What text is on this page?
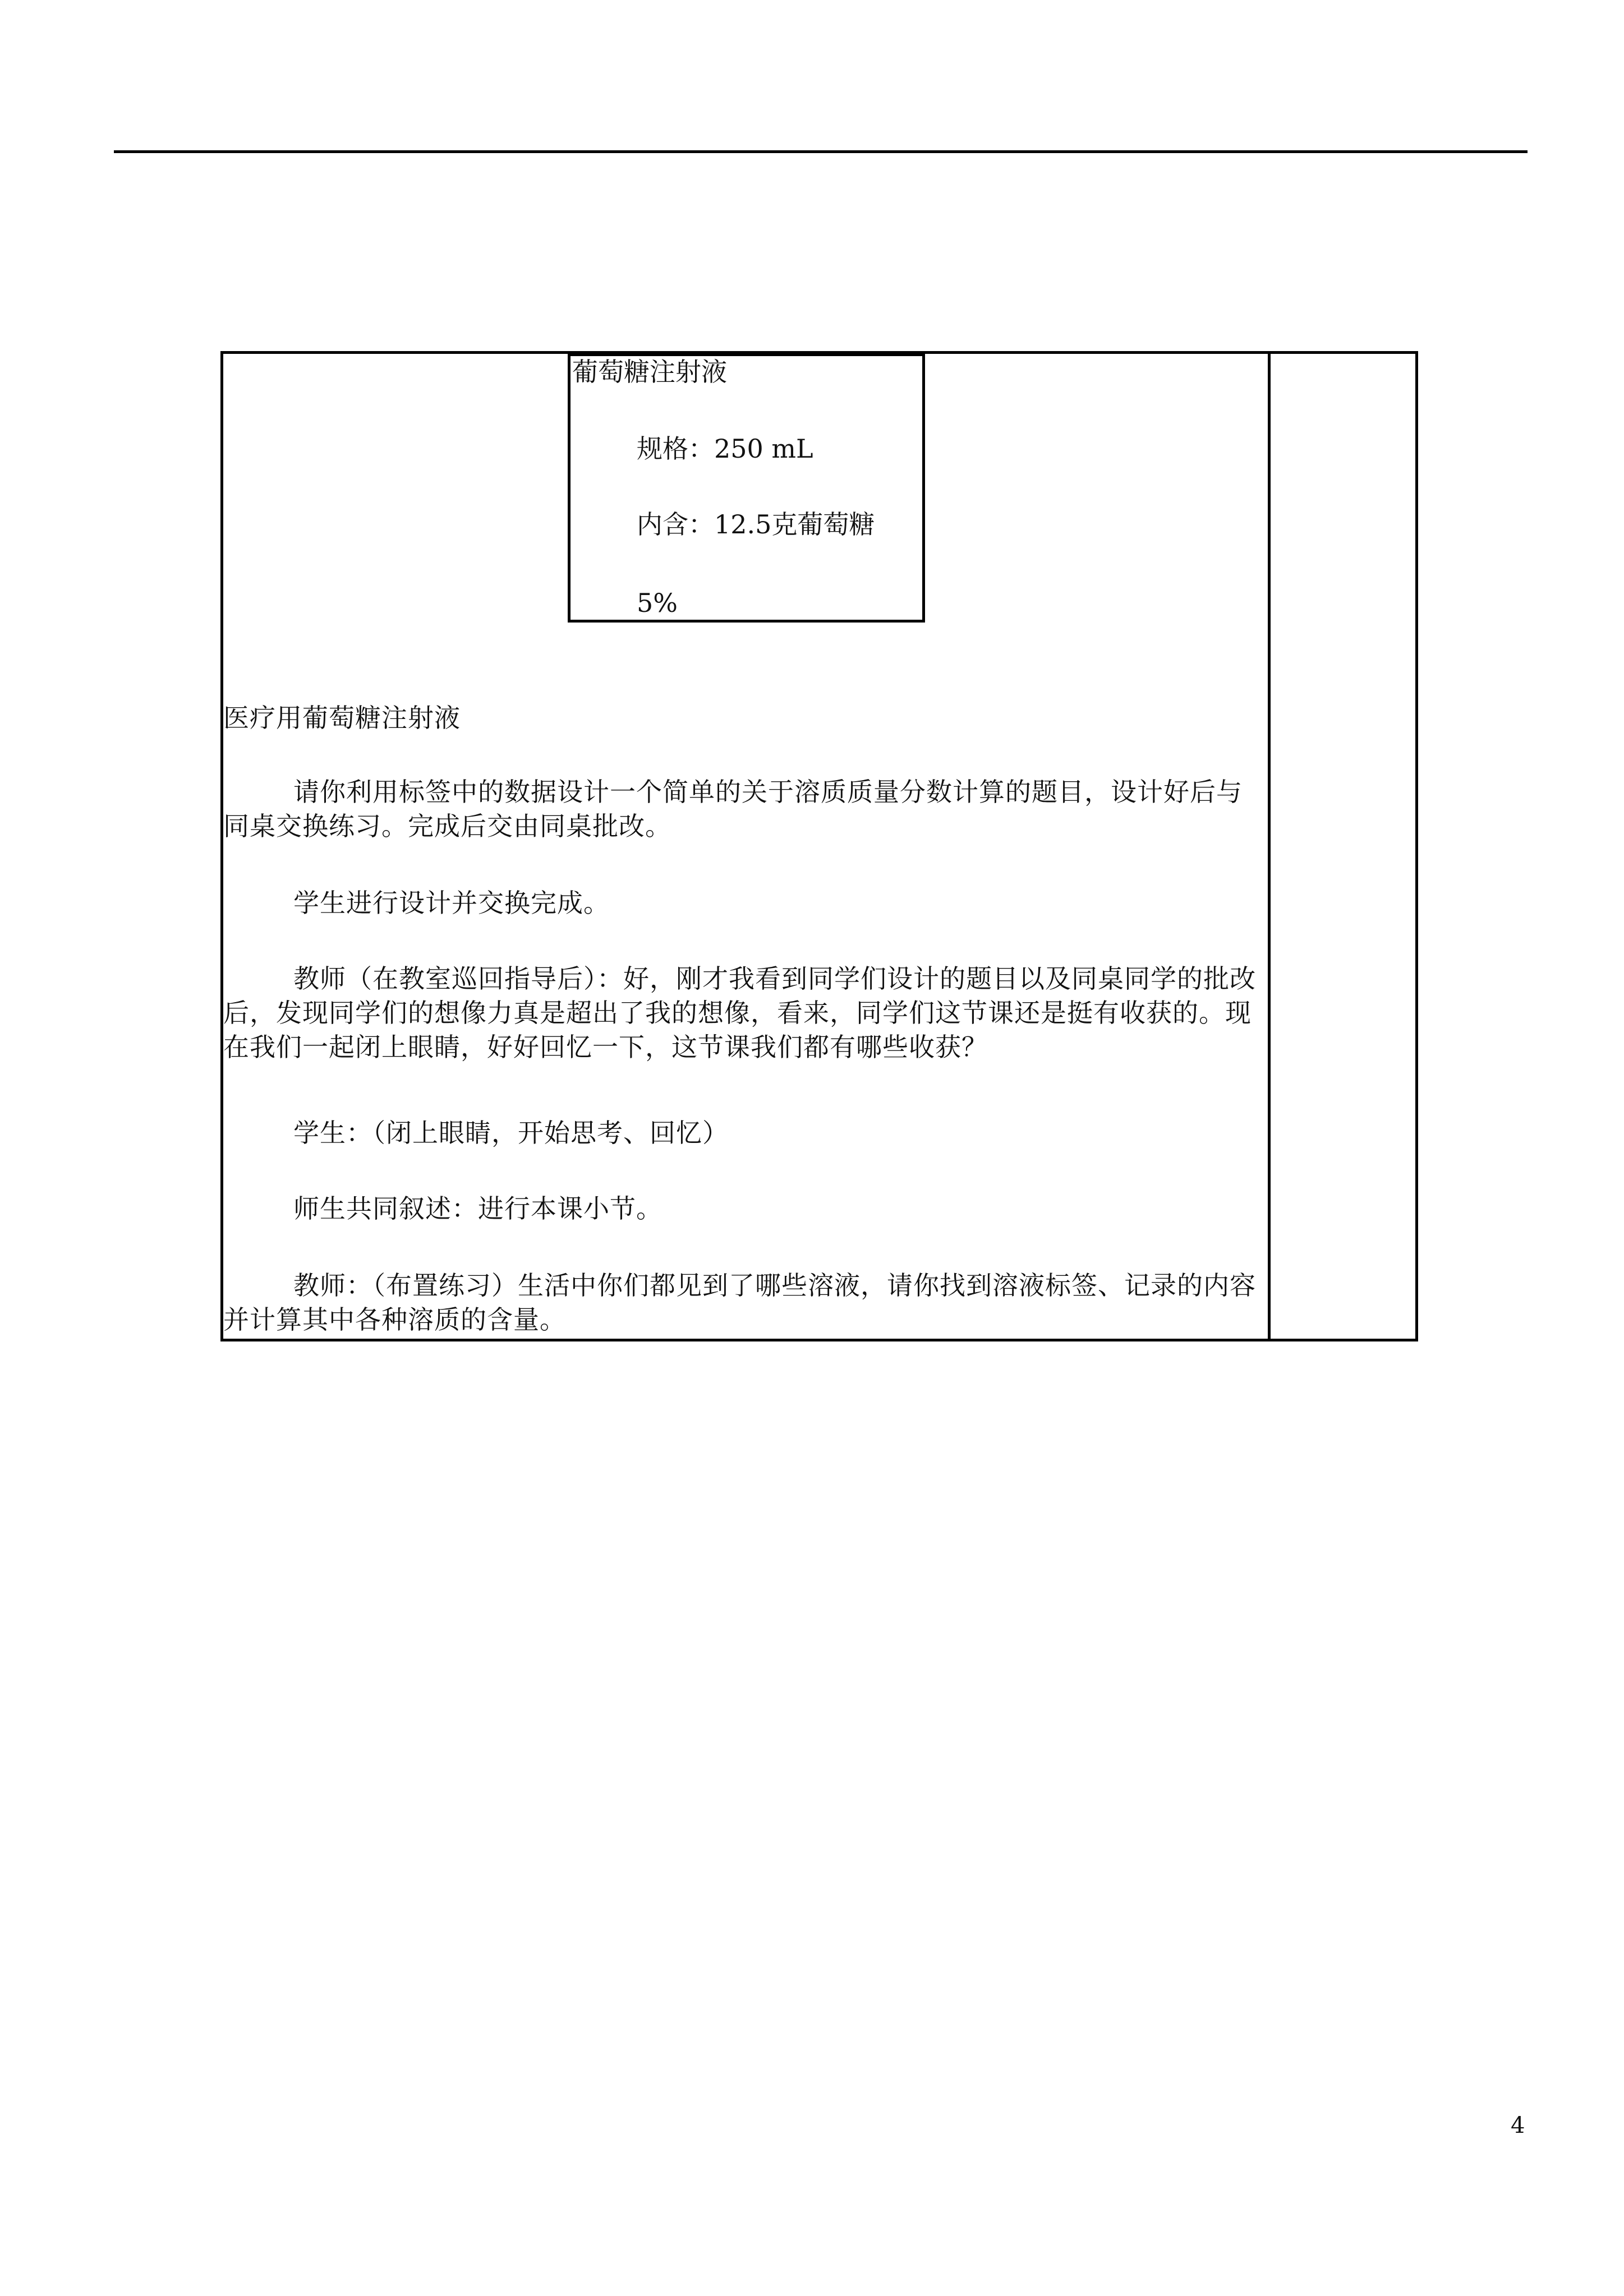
葡萄糖注射液
规格：250 mL
内含：12.5克葡萄糖
5%
医疗用葡萄糖注射液
请你利用标签中的数据设计一个简单的关于溶质质量分数计算的题目，设计好后与同桌交换练习。完成后交由同桌批改。
学生进行设计并交换完成。
教师（在教室巡回指导后）：好，刚才我看到同学们设计的题目以及同桌同学的批改后，发现同学们的想像力真是超出了我的想像，看来，同学们这节课还是挺有收获的。现在我们一起闭上眼睛，好好回忆一下，这节课我们都有哪些收获？
学生：（闭上眼睛，开始思考、回忆）
师生共同叙述：进行本课小节。
教师：（布置练习）生活中你们都见到了哪些溶液，请你找到溶液标签、记录的内容并计算其中各种溶质的含量。
4
